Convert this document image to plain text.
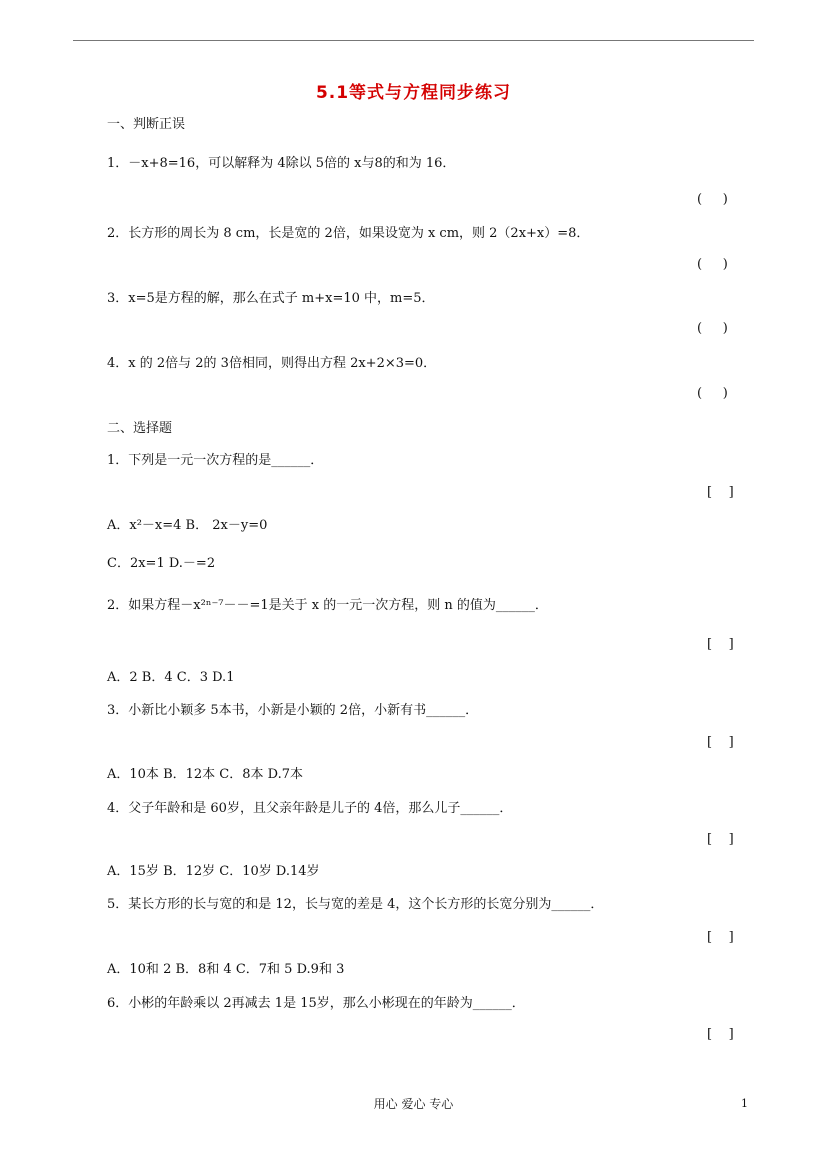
5.1等式与方程同步练习
一、判断正误
1．－x+8=16，可以解释为 4除以 5倍的 x与8的和为 16．
(     )
2．长方形的周长为 8 cm，长是宽的 2倍，如果设宽为 x cm，则 2（2x+x）=8．
(     )
3．x=5是方程的解，那么在式子 m+x=10 中，m=5．
(     )
4．x 的 2倍与 2的 3倍相同，则得出方程 2x+2×3=0．
(     )
二、选择题
1．下列是一元一次方程的是______．
[    ]
A．x²－x=4 B． 2x－y=0
C．2x=1 D.－=2
2．如果方程－x²ⁿ⁻⁷－－=1是关于 x 的一元一次方程，则 n 的值为______．
[    ]
A．2 B．4 C．3 D.1
3．小新比小颖多 5本书，小新是小颖的 2倍，小新有书______．
[    ]
A．10本 B．12本 C．8本 D.7本
4．父子年龄和是 60岁，且父亲年龄是儿子的 4倍，那么儿子______．
[    ]
A．15岁 B．12岁 C．10岁 D.14岁
5．某长方形的长与宽的和是 12，长与宽的差是 4，这个长方形的长宽分别为______．
[    ]
A．10和 2 B．8和 4 C．7和 5 D.9和 3
6．小彬的年龄乘以 2再减去 1是 15岁，那么小彬现在的年龄为______．
[    ]
用心 爱心 专心	1
